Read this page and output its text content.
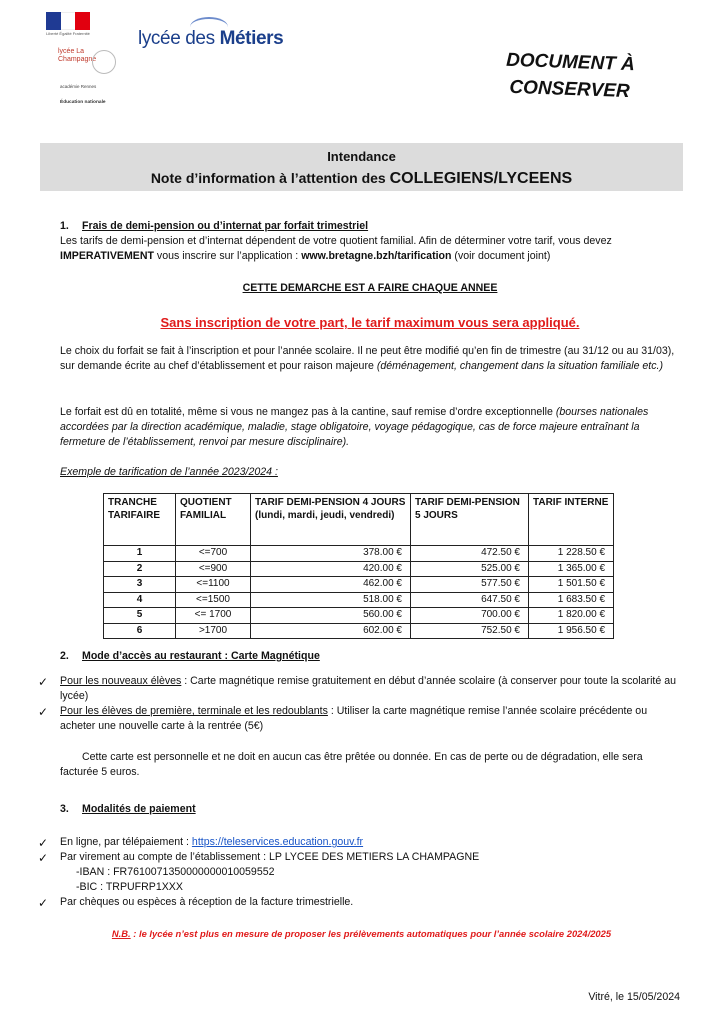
Liberté Égalité Fraternité
lycée La Champagne
académie Rennes
Éducation nationale
lycée des Métiers
DOCUMENT À
CONSERVER
Intendance
Note d’information à l’attention des COLLEGIENS/LYCEENS
1. Frais de demi-pension ou d’internat par forfait trimestriel
Les tarifs de demi-pension et d’internat dépendent de votre quotient familial. Afin de déterminer votre tarif, vous devez IMPERATIVEMENT vous inscrire sur l’application : www.bretagne.bzh/tarification (voir document joint)
CETTE DEMARCHE EST A FAIRE CHAQUE ANNEE
Sans inscription de votre part, le tarif maximum vous sera appliqué.
Le choix du forfait se fait à l’inscription et pour l’année scolaire. Il ne peut être modifié qu’en fin de trimestre (au 31/12 ou au 31/03), sur demande écrite au chef d’établissement et pour raison majeure (déménagement, changement dans la situation familiale etc.)
Le forfait est dû en totalité, même si vous ne mangez pas à la cantine, sauf remise d’ordre exceptionnelle (bourses nationales accordées par la direction académique, maladie, stage obligatoire, voyage pédagogique, cas de force majeure entraînant la fermeture de l’établissement, renvoi par mesure disciplinaire).
Exemple de tarification de l’année 2023/2024 :
TRANCHE TARIFAIRE	QUOTIENT FAMILIAL	TARIF DEMI-PENSION 4 JOURS (lundi, mardi, jeudi, vendredi)	TARIF DEMI-PENSION 5 JOURS	TARIF INTERNE
1	<=700	378.00 €	472.50 €	1 228.50 €
2	<=900	420.00 €	525.00 €	1 365.00 €
3	<=1100	462.00 €	577.50 €	1 501.50 €
4	<=1500	518.00 €	647.50 €	1 683.50 €
5	<= 1700	560.00 €	700.00 €	1 820.00 €
6	>1700	602.00 €	752.50 €	1 956.50 €
2. Mode d’accès au restaurant : Carte Magnétique
✓ Pour les nouveaux élèves : Carte magnétique remise gratuitement en début d’année scolaire (à conserver pour toute la scolarité au lycée)
✓ Pour les élèves de première, terminale et les redoublants : Utiliser la carte magnétique remise l’année scolaire précédente ou acheter une nouvelle carte à la rentrée (5€)
Cette carte est personnelle et ne doit en aucun cas être prêtée ou donnée. En cas de perte ou de dégradation, elle sera facturée 5 euros.
3. Modalités de paiement
✓ En ligne, par télépaiement : https://teleservices.education.gouv.fr
✓ Par virement au compte de l’établissement : LP LYCEE DES METIERS LA CHAMPAGNE
-IBAN : FR7610071350000000010059552
-BIC : TRPUFRP1XXX
✓ Par chèques ou espèces à réception de la facture trimestrielle.
N.B. : le lycée n’est plus en mesure de proposer les prélèvements automatiques pour l’année scolaire 2024/2025
Vitré, le 15/05/2024
